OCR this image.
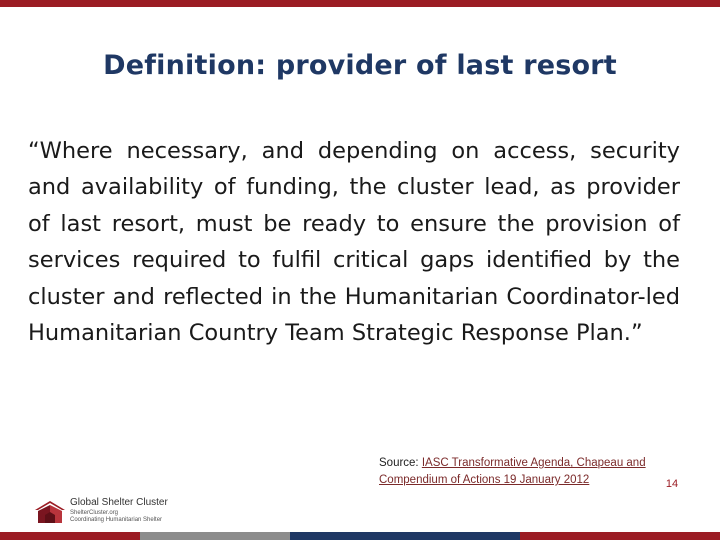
Definition: provider of last resort
“Where necessary, and depending on access, security and availability of funding, the cluster lead, as provider of last resort, must be ready to ensure the provision of services required to fulfil critical gaps identified by the cluster and reflected in the Humanitarian Coordinator-led Humanitarian Country Team Strategic Response Plan.”
Source: IASC Transformative Agenda, Chapeau and Compendium of Actions 19 January 2012
Global Shelter Cluster
ShelterCluster.org
Coordinating Humanitarian Shelter
14
